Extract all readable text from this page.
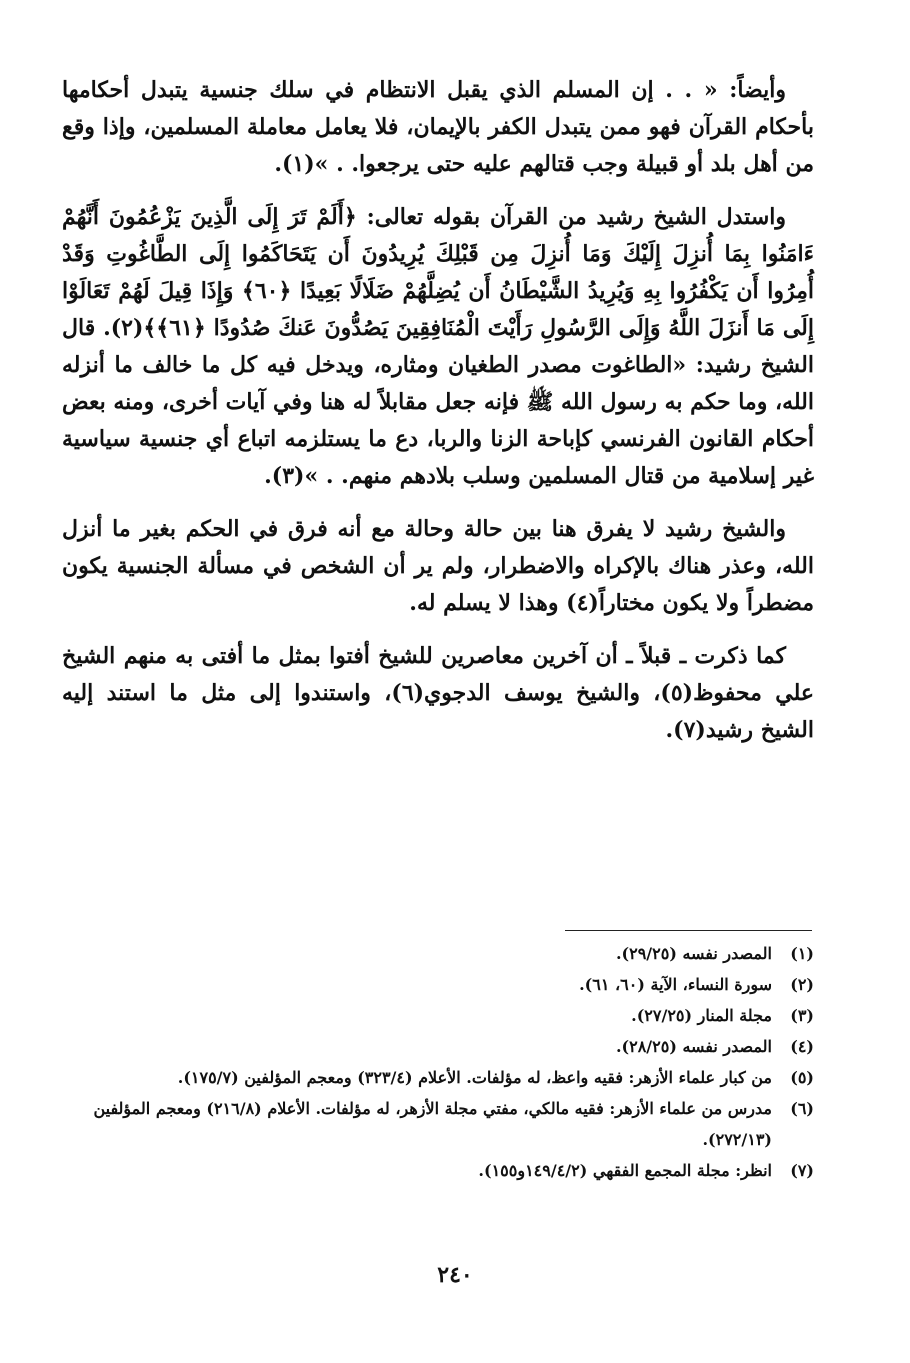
وأيضاً: « . . إن المسلم الذي يقبل الانتظام في سلك جنسية يتبدل أحكامها بأحكام القرآن فهو ممن يتبدل الكفر بالإيمان، فلا يعامل معاملة المسلمين، وإذا وقع من أهل بلد أو قبيلة وجب قتالهم عليه حتى يرجعوا. . »(١).

واستدل الشيخ رشيد من القرآن بقوله تعالى: ﴿أَلَمْ تَرَ إِلَى الَّذِينَ يَزْعُمُونَ أَنَّهُمْ ءَامَنُوا بِمَا أُنزِلَ إِلَيْكَ وَمَا أُنزِلَ مِن قَبْلِكَ يُرِيدُونَ أَن يَتَحَاكَمُوا إِلَى الطَّاغُوتِ وَقَدْ أُمِرُوا أَن يَكْفُرُوا بِهِ وَيُرِيدُ الشَّيْطَانُ أَن يُضِلَّهُمْ ضَلَالًا بَعِيدًا ﴿٦٠﴾ وَإِذَا قِيلَ لَهُمْ تَعَالَوْا إِلَى مَا أَنزَلَ اللَّهُ وَإِلَى الرَّسُولِ رَأَيْتَ الْمُنَافِقِينَ يَصُدُّونَ عَنكَ صُدُودًا ﴿٦١﴾﴾(٢). قال الشيخ رشيد: «الطاغوت مصدر الطغيان ومثاره، ويدخل فيه كل ما خالف ما أنزله الله، وما حكم به رسول الله ﷺ فإنه جعل مقابلاً له هنا وفي آيات أخرى، ومنه بعض أحكام القانون الفرنسي كإباحة الزنا والربا، دع ما يستلزمه اتباع أي جنسية سياسية غير إسلامية من قتال المسلمين وسلب بلادهم منهم. . »(٣).

والشيخ رشيد لا يفرق هنا بين حالة وحالة مع أنه فرق في الحكم بغير ما أنزل الله، وعذر هناك بالإكراه والاضطرار، ولم ير أن الشخص في مسألة الجنسية يكون مضطراً ولا يكون مختاراً(٤) وهذا لا يسلم له.

كما ذكرت ـ قبلاً ـ أن آخرين معاصرين للشيخ أفتوا بمثل ما أفتى به منهم الشيخ علي محفوظ(٥)، والشيخ يوسف الدجوي(٦)، واستندوا إلى مثل ما استند إليه الشيخ رشيد(٧).

(١)
المصدر نفسه (٢٩/٢٥).
(٢)
سورة النساء، الآية (٦٠، ٦١).
(٣)
مجلة المنار (٢٧/٢٥).
(٤)
المصدر نفسه (٢٨/٢٥).
(٥)
من كبار علماء الأزهر: فقيه واعظ، له مؤلفات. الأعلام (٣٢٣/٤) ومعجم المؤلفين (١٧٥/٧).
(٦)
مدرس من علماء الأزهر: فقيه مالكي، مفتي مجلة الأزهر، له مؤلفات. الأعلام (٢١٦/٨) ومعجم المؤلفين (٢٧٢/١٣).
(٧)
انظر: مجلة المجمع الفقهي (١٤٩/٤/٢و١٥٥).
٢٤٠
